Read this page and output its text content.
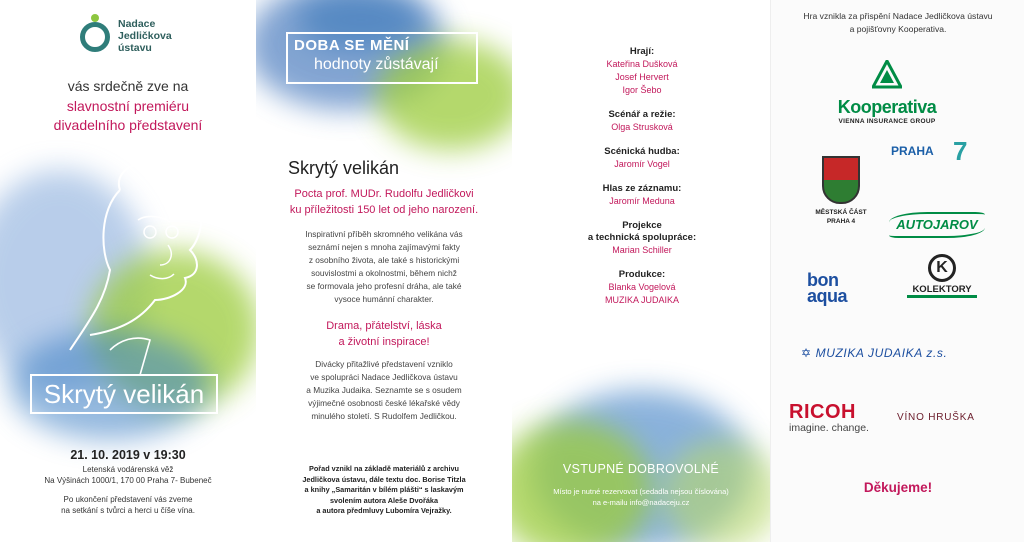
Nadace Jedličkova ústavu
vás srdečně zve na
slavnostní premiéru
divadelního představení
Skrytý velikán
21. 10. 2019 v 19:30
Letenská vodárenská věž
Na Výšinách 1000/1, 170 00 Praha 7- Bubeneč
Po ukončení představení vás zveme
na setkání s tvůrci a herci u číše vína.
DOBA SE MĚNÍ
hodnoty zůstávají
Skrytý velikán
Pocta prof. MUDr. Rudolfu Jedličkovi
ku příležitosti 150 let od jeho narození.
Inspirativní příběh skromného velikána vás
seznámí nejen s mnoha zajímavými fakty
z osobního života, ale také s historickými
souvislostmi a okolnostmi, během nichž
se formovala jeho profesní dráha, ale také
vysoce humánní charakter.
Drama, přátelství, láska
a životní inspirace!
Divácky přitažlivé představení vzniklo
ve spolupráci Nadace Jedličkova ústavu
a Muzika Judaika. Seznamte se s osudem
výjimečné osobnosti české lékařské vědy
minulého století. S Rudolfem Jedličkou.
Pořad vznikl na základě materiálů z archivu
Jedličkova ústavu, dále textu doc. Borise Titzla
a knihy „Samaritán v bílém plášti“ s laskavým
svolením autora Aleše Dvořáka
a autora předmluvy Lubomíra Vejražky.
Hrají:
Kateřina Dušková
Josef Hervert
Igor Šebo
Scénář a režie:
Olga Strusková
Scénická hudba:
Jaromír Vogel
Hlas ze záznamu:
Jaromír Meduna
Projekce
a technická spolupráce:
Marian Schiller
Produkce:
Blanka Vogelová
MUZIKA JUDAIKA
VSTUPNÉ DOBROVOLNÉ
Místo je nutné rezervovat (sedadla nejsou číslována)
na e-mailu info@nadaceju.cz
Hra vznikla za přispění Nadace Jedličkova ústavu
a pojišťovny Kooperativa.
Kooperativa
VIENNA INSURANCE GROUP
MĚSTSKÁ ČÁST
PRAHA 4
PRAHA 7
AUTOJAROV
bon
aqua
K
KOLEKTORY
✡ MUZIKA JUDAIKA z.s.
RICOH
imagine. change.
VÍNO HRUŠKA
Děkujeme!
